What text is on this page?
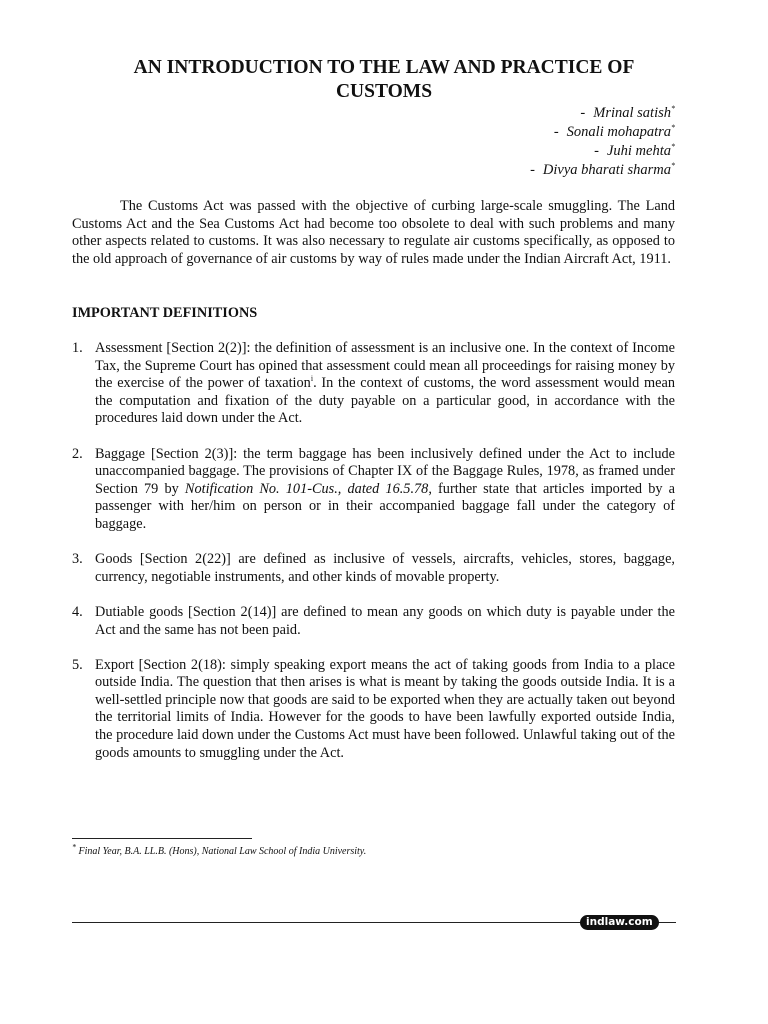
AN INTRODUCTION TO THE LAW AND PRACTICE OF
CUSTOMS
- Mrinal satish*
- Sonali mohapatra*
- Juhi mehta*
- Divya bharati sharma*

The Customs Act was passed with the objective of curbing large-scale smuggling. The Land Customs Act and the Sea Customs Act had become too obsolete to deal with such problems and many other aspects related to customs. It was also necessary to regulate air customs specifically, as opposed to the old approach of governance of air customs by way of rules made under the Indian Aircraft Act, 1911.

IMPORTANT DEFINITIONS

1. Assessment [Section 2(2)]: the definition of assessment is an inclusive one. In the context of Income Tax, the Supreme Court has opined that assessment could mean all proceedings for raising money by the exercise of the power of taxation$^i$. In the context of customs, the word assessment would mean the computation and fixation of the duty payable on a particular good, in accordance with the procedures laid down under the Act.
2. Baggage [Section 2(3)]: the term baggage has been inclusively defined under the Act to include unaccompanied baggage. The provisions of Chapter IX of the Baggage Rules, 1978, as framed under Section 79 by Notification No. 101-Cus., dated 16.5.78, further state that articles imported by a passenger with her/him on person or in their accompanied baggage fall under the category of baggage.
3. Goods [Section 2(22)] are defined as inclusive of vessels, aircrafts, vehicles, stores, baggage, currency, negotiable instruments, and other kinds of movable property.
4. Dutiable goods [Section 2(14)] are defined to mean any goods on which duty is payable under the Act and the same has not been paid.
5. Export [Section 2(18): simply speaking export means the act of taking goods from India to a place outside India. The question that then arises is what is meant by taking the goods outside India. It is a well-settled principle now that goods are said to be exported when they are actually taken out beyond the territorial limits of India. However for the goods to have been lawfully exported outside India, the procedure laid down under the Customs Act must have been followed. Unlawful taking out of the goods amounts to smuggling under the Act.
* Final Year, B.A. LL.B. (Hons), National Law School of India University.
indlaw.com
